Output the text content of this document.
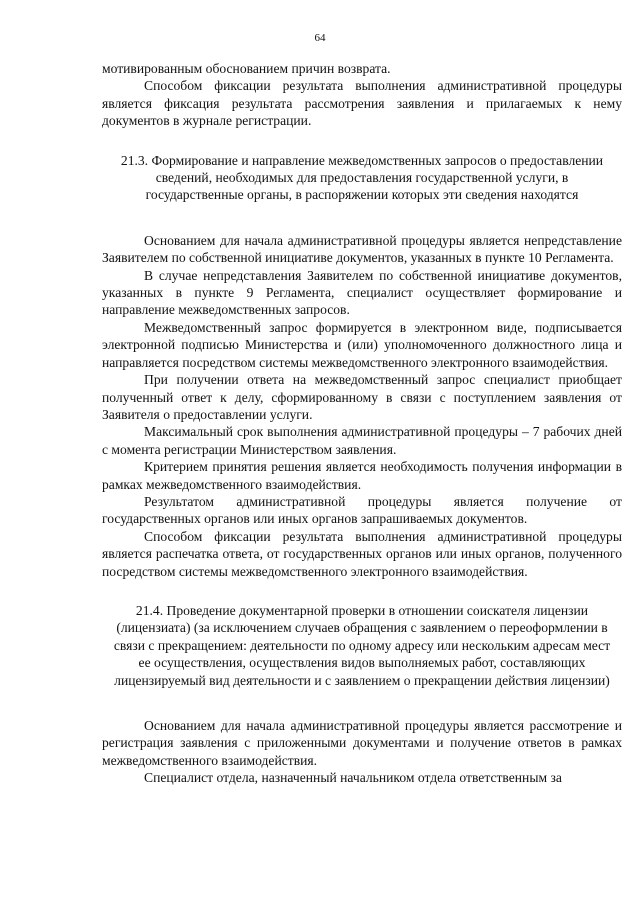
64

мотивированным обоснованием причин возврата.

Способом фиксации результата выполнения административной процедуры является фиксация результата рассмотрения заявления и прилагаемых к нему документов в журнале регистрации.

21.3. Формирование и направление межведомственных запросов о предоставлении сведений, необходимых для предоставления государственной услуги, в государственные органы, в распоряжении которых эти сведения находятся

Основанием для начала административной процедуры является непредставление Заявителем по собственной инициативе документов, указанных в пункте 10 Регламента.

В случае непредставления Заявителем по собственной инициативе документов, указанных в пункте 9 Регламента, специалист осуществляет формирование и направление межведомственных запросов.

Межведомственный запрос формируется в электронном виде, подписывается электронной подписью Министерства и (или) уполномоченного должностного лица и направляется посредством системы межведомственного электронного взаимодействия.

При получении ответа на межведомственный запрос специалист приобщает полученный ответ к делу, сформированному в связи с поступлением заявления от Заявителя о предоставлении услуги.

Максимальный срок выполнения административной процедуры – 7 рабочих дней с момента регистрации Министерством заявления.

Критерием принятия решения является необходимость получения информации в рамках межведомственного взаимодействия.

Результатом административной процедуры является получение от государственных органов или иных органов запрашиваемых документов.

Способом фиксации результата выполнения административной процедуры является распечатка ответа, от государственных органов или иных органов, полученного посредством системы межведомственного электронного взаимодействия.

21.4. Проведение документарной проверки в отношении соискателя лицензии (лицензиата) (за исключением случаев обращения с заявлением о переоформлении в связи с прекращением: деятельности по одному адресу или нескольким адресам мест ее осуществления, осуществления видов выполняемых работ, составляющих лицензируемый вид деятельности и с заявлением о прекращении действия лицензии)

Основанием для начала административной процедуры является рассмотрение и регистрация заявления с приложенными документами и получение ответов в рамках межведомственного взаимодействия.

Специалист отдела, назначенный начальником отдела ответственным за
